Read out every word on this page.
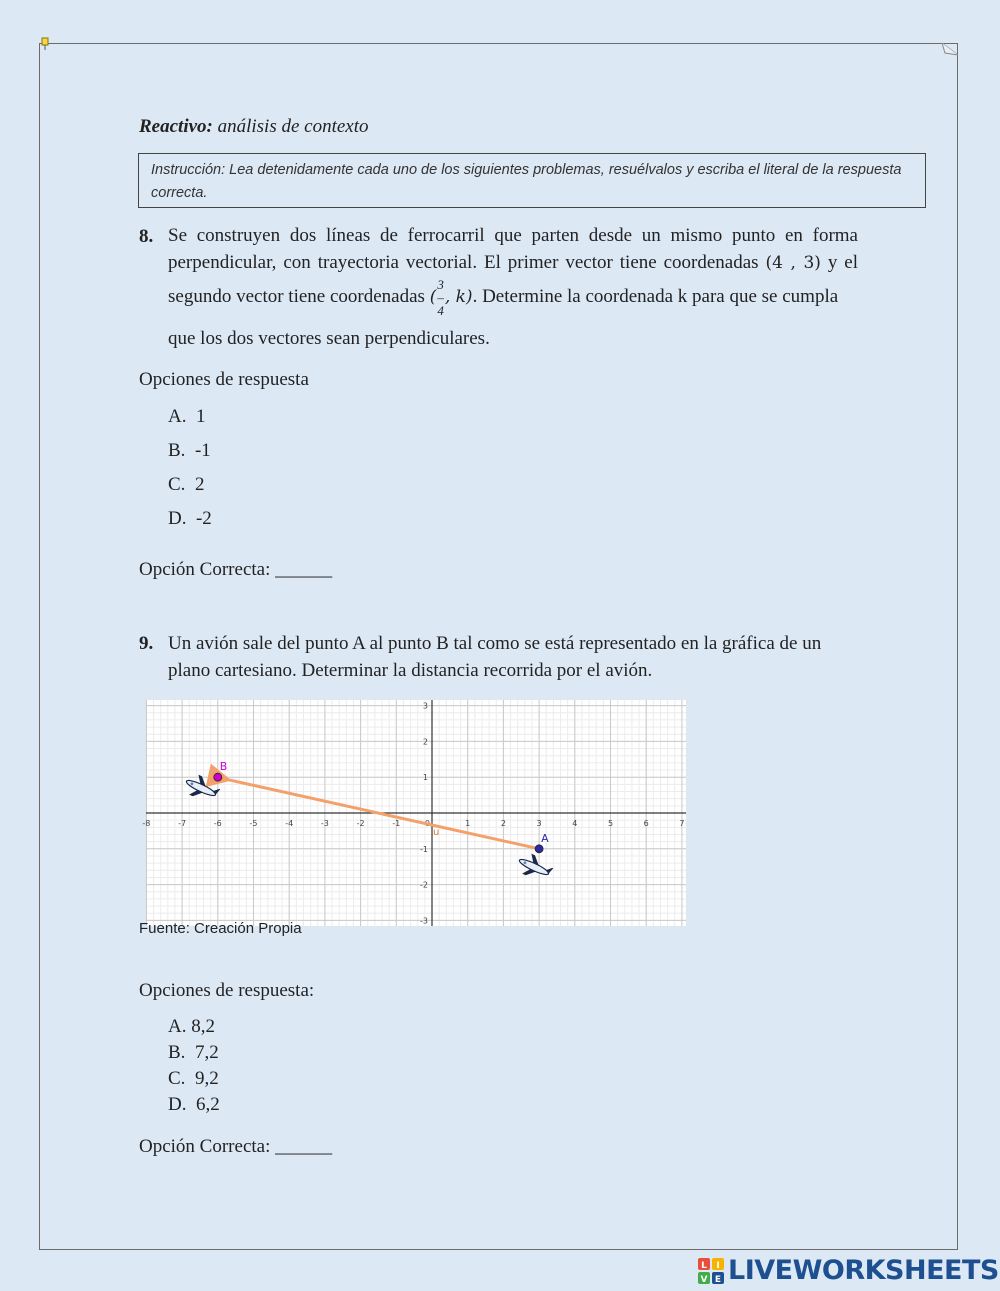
Reactivo: análisis de contexto
Instrucción: Lea detenidamente cada uno de los siguientes problemas, resuélvalos y escriba el literal de la respuesta correcta.
8. Se construyen dos líneas de ferrocarril que parten desde un mismo punto en forma
perpendicular, con trayectoria vectorial. El primer vector tiene coordenadas (4 , 3) y el
segundo vector tiene coordenadas (
3
–
4
, k). Determine la coordenada k para que se cumpla
que los dos vectores sean perpendiculares.
Opciones de respuesta
A. 1
B. -1
C. 2
D. -2
Opción Correcta: ______
9. Un avión sale del punto A al punto B tal como se está representado en la gráfica de un
plano cartesiano. Determinar la distancia recorrida por el avión.
-8	-7	-6	-5	-4	-3	-2	-1	1	2	3	4	5	6	7
-3
-2
-1
1
2
3
u	A
B
Fuente: Creación Propia
Opciones de respuesta:
A. 8,2
B. 7,2
C. 9,2
D. 6,2
Opción Correcta: ______
L I
V E LIVEWORKSHEETS
